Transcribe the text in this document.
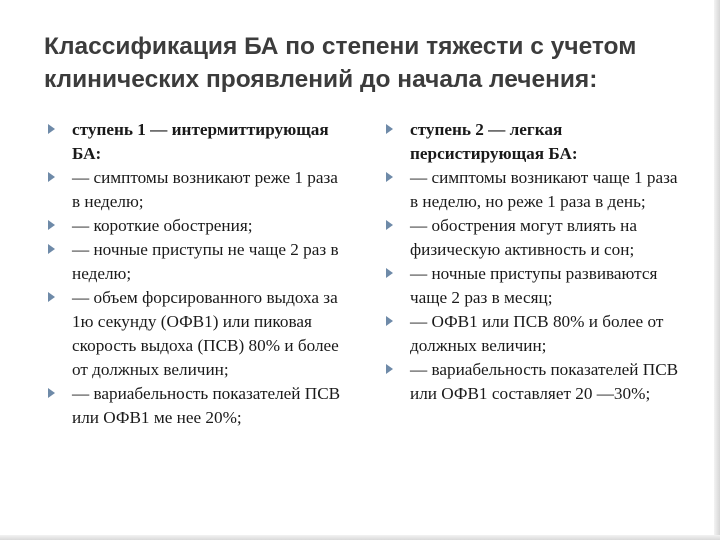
Классификация БА по степени тяжести с учетом клинических проявлений до начала лечения:
ступень 1 — интермиттирующая БА:
— симптомы возникают реже 1 раза в неделю;
— короткие обострения;
— ночные приступы не чаще 2 раз в неделю;
— объем форсированного выдоха за 1ю секунду (ОФВ1) или пиковая скорость выдоха (ПСВ) 80% и более от должных величин;
— вариабельность показателей ПСВ или ОФВ1 ме нее 20%;
ступень 2 — легкая персистирующая БА:
— симптомы возникают чаще 1 раза в неделю, но реже 1 раза в день;
— обострения могут влиять на физическую активность и сон;
— ночные приступы развиваются чаще 2 раз в месяц;
— ОФВ1 или ПСВ 80% и более от должных величин;
— вариабельность показателей ПСВ или ОФВ1 составляет 20 —30%;
